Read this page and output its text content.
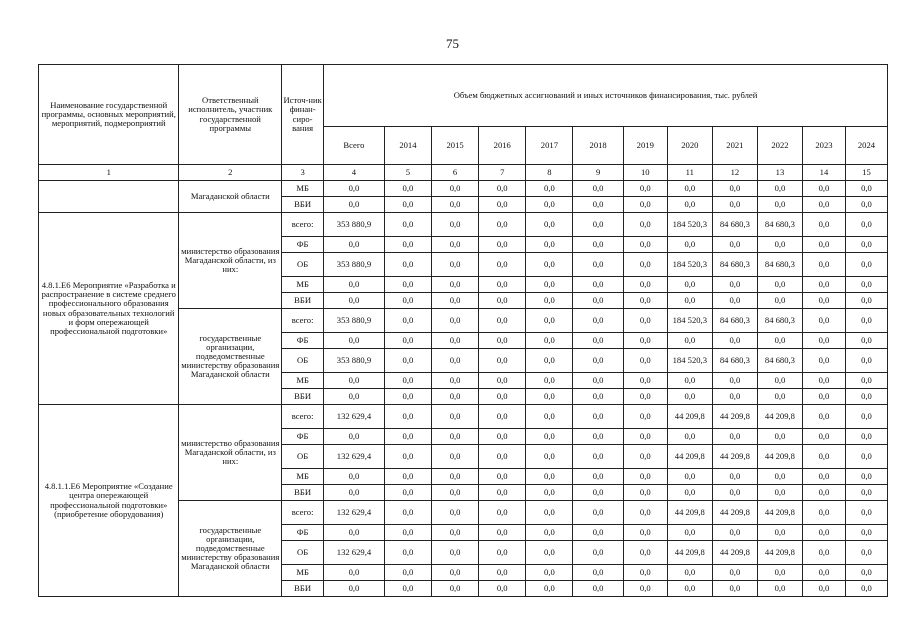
75
Наименование государственной программы, основных мероприятий, мероприятий, подмероприятий	Ответственный исполнитель, участник государственной программы	Источ-ник финан-сиро-вания	Объем бюджетных ассигнований и иных источников финансирования, тыс. рублей											
			Всего	2014	2015	2016	2017	2018	2019	2020	2021	2022	2023	2024
1	2	3	4	5	6	7	8	9	10	11	12	13	14	15
	Магаданской области	МБ	0,0	0,0	0,0	0,0	0,0	0,0	0,0	0,0	0,0	0,0	0,0	0,0
		ВБИ	0,0	0,0	0,0	0,0	0,0	0,0	0,0	0,0	0,0	0,0	0,0	0,0
4.8.1.Е6 Мероприятие «Разработка и распространение в системе среднего профессионального образования новых образовательных технологий и форм опережающей профессиональной подготовки»	министерство образования Магаданской области, из них:	всего:	353 880,9	0,0	0,0	0,0	0,0	0,0	0,0	184 520,3	84 680,3	84 680,3	0,0	0,0
		ФБ	0,0	0,0	0,0	0,0	0,0	0,0	0,0	0,0	0,0	0,0	0,0	0,0
		ОБ	353 880,9	0,0	0,0	0,0	0,0	0,0	0,0	184 520,3	84 680,3	84 680,3	0,0	0,0
		МБ	0,0	0,0	0,0	0,0	0,0	0,0	0,0	0,0	0,0	0,0	0,0	0,0
		ВБИ	0,0	0,0	0,0	0,0	0,0	0,0	0,0	0,0	0,0	0,0	0,0	0,0
	государственные организации, подведомственные министерству образования Магаданской области	всего:	353 880,9	0,0	0,0	0,0	0,0	0,0	0,0	184 520,3	84 680,3	84 680,3	0,0	0,0
		ФБ	0,0	0,0	0,0	0,0	0,0	0,0	0,0	0,0	0,0	0,0	0,0	0,0
		ОБ	353 880,9	0,0	0,0	0,0	0,0	0,0	0,0	184 520,3	84 680,3	84 680,3	0,0	0,0
		МБ	0,0	0,0	0,0	0,0	0,0	0,0	0,0	0,0	0,0	0,0	0,0	0,0
		ВБИ	0,0	0,0	0,0	0,0	0,0	0,0	0,0	0,0	0,0	0,0	0,0	0,0
4.8.1.1.Е6 Мероприятие «Создание центра опережающей профессиональной подготовки» (приобретение оборудования)	министерство образования Магаданской области, из них:	всего:	132 629,4	0,0	0,0	0,0	0,0	0,0	0,0	44 209,8	44 209,8	44 209,8	0,0	0,0
		ФБ	0,0	0,0	0,0	0,0	0,0	0,0	0,0	0,0	0,0	0,0	0,0	0,0
		ОБ	132 629,4	0,0	0,0	0,0	0,0	0,0	0,0	44 209,8	44 209,8	44 209,8	0,0	0,0
		МБ	0,0	0,0	0,0	0,0	0,0	0,0	0,0	0,0	0,0	0,0	0,0	0,0
		ВБИ	0,0	0,0	0,0	0,0	0,0	0,0	0,0	0,0	0,0	0,0	0,0	0,0
	государственные организации, подведомственные министерству образования Магаданской области	всего:	132 629,4	0,0	0,0	0,0	0,0	0,0	0,0	44 209,8	44 209,8	44 209,8	0,0	0,0
		ФБ	0,0	0,0	0,0	0,0	0,0	0,0	0,0	0,0	0,0	0,0	0,0	0,0
		ОБ	132 629,4	0,0	0,0	0,0	0,0	0,0	0,0	44 209,8	44 209,8	44 209,8	0,0	0,0
		МБ	0,0	0,0	0,0	0,0	0,0	0,0	0,0	0,0	0,0	0,0	0,0	0,0
		ВБИ	0,0	0,0	0,0	0,0	0,0	0,0	0,0	0,0	0,0	0,0	0,0	0,0
